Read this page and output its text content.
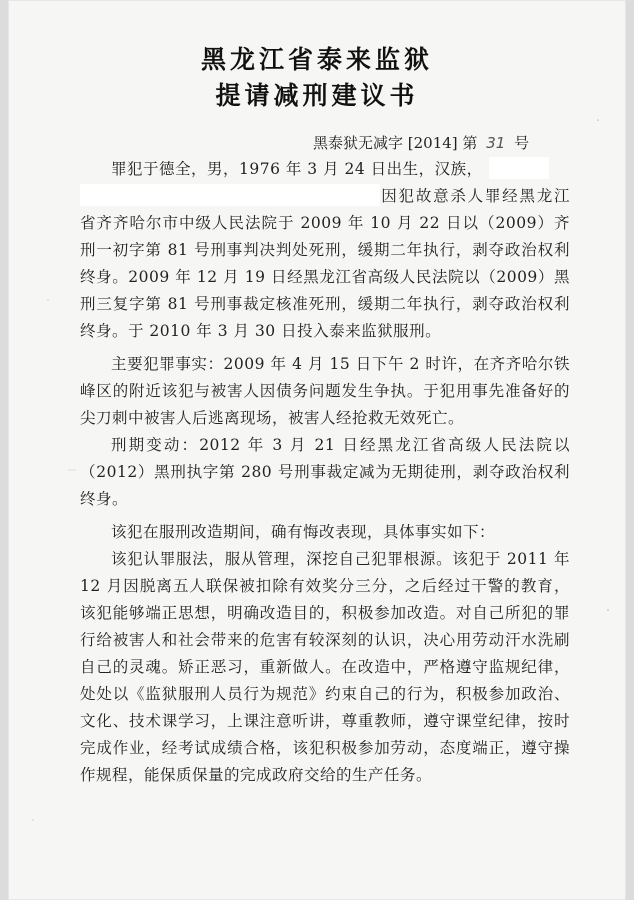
黑龙江省泰来监狱
提请减刑建议书
黑泰狱无减字 [2014] 第 31 号

罪犯于德全，男，1976 年 3 月 24 日出生，汉族，
因犯故意杀人罪经黑龙江省齐齐哈尔市中级人民法院于 2009 年 10 月 22 日以（2009）齐刑一初字第 81 号刑事判决判处死刑，缓期二年执行，剥夺政治权利终身。2009 年 12 月 19 日经黑龙江省高级人民法院以（2009）黑刑三复字第 81 号刑事裁定核准死刑，缓期二年执行，剥夺政治权利终身。于 2010 年 3 月 30 日投入泰来监狱服刑。

主要犯罪事实：2009 年 4 月 15 日下午 2 时许，在齐齐哈尔铁峰区的附近该犯与被害人因债务问题发生争执。于犯用事先准备好的尖刀刺中被害人后逃离现场，被害人经抢救无效死亡。

刑期变动：2012 年 3 月 21 日经黑龙江省高级人民法院以（2012）黑刑执字第 280 号刑事裁定减为无期徒刑，剥夺政治权利终身。

该犯在服刑改造期间，确有悔改表现，具体事实如下：

该犯认罪服法，服从管理，深挖自己犯罪根源。该犯于 2011 年 12 月因脱离五人联保被扣除有效奖分三分，之后经过干警的教育，该犯能够端正思想，明确改造目的，积极参加改造。对自己所犯的罪行给被害人和社会带来的危害有较深刻的认识，决心用劳动汗水洗刷自己的灵魂。矫正恶习，重新做人。在改造中，严格遵守监规纪律，处处以《监狱服刑人员行为规范》约束自己的行为，积极参加政治、文化、技术课学习，上课注意听讲，尊重教师，遵守课堂纪律，按时完成作业，经考试成绩合格，该犯积极参加劳动，态度端正，遵守操作规程，能保质保量的完成政府交给的生产任务。
